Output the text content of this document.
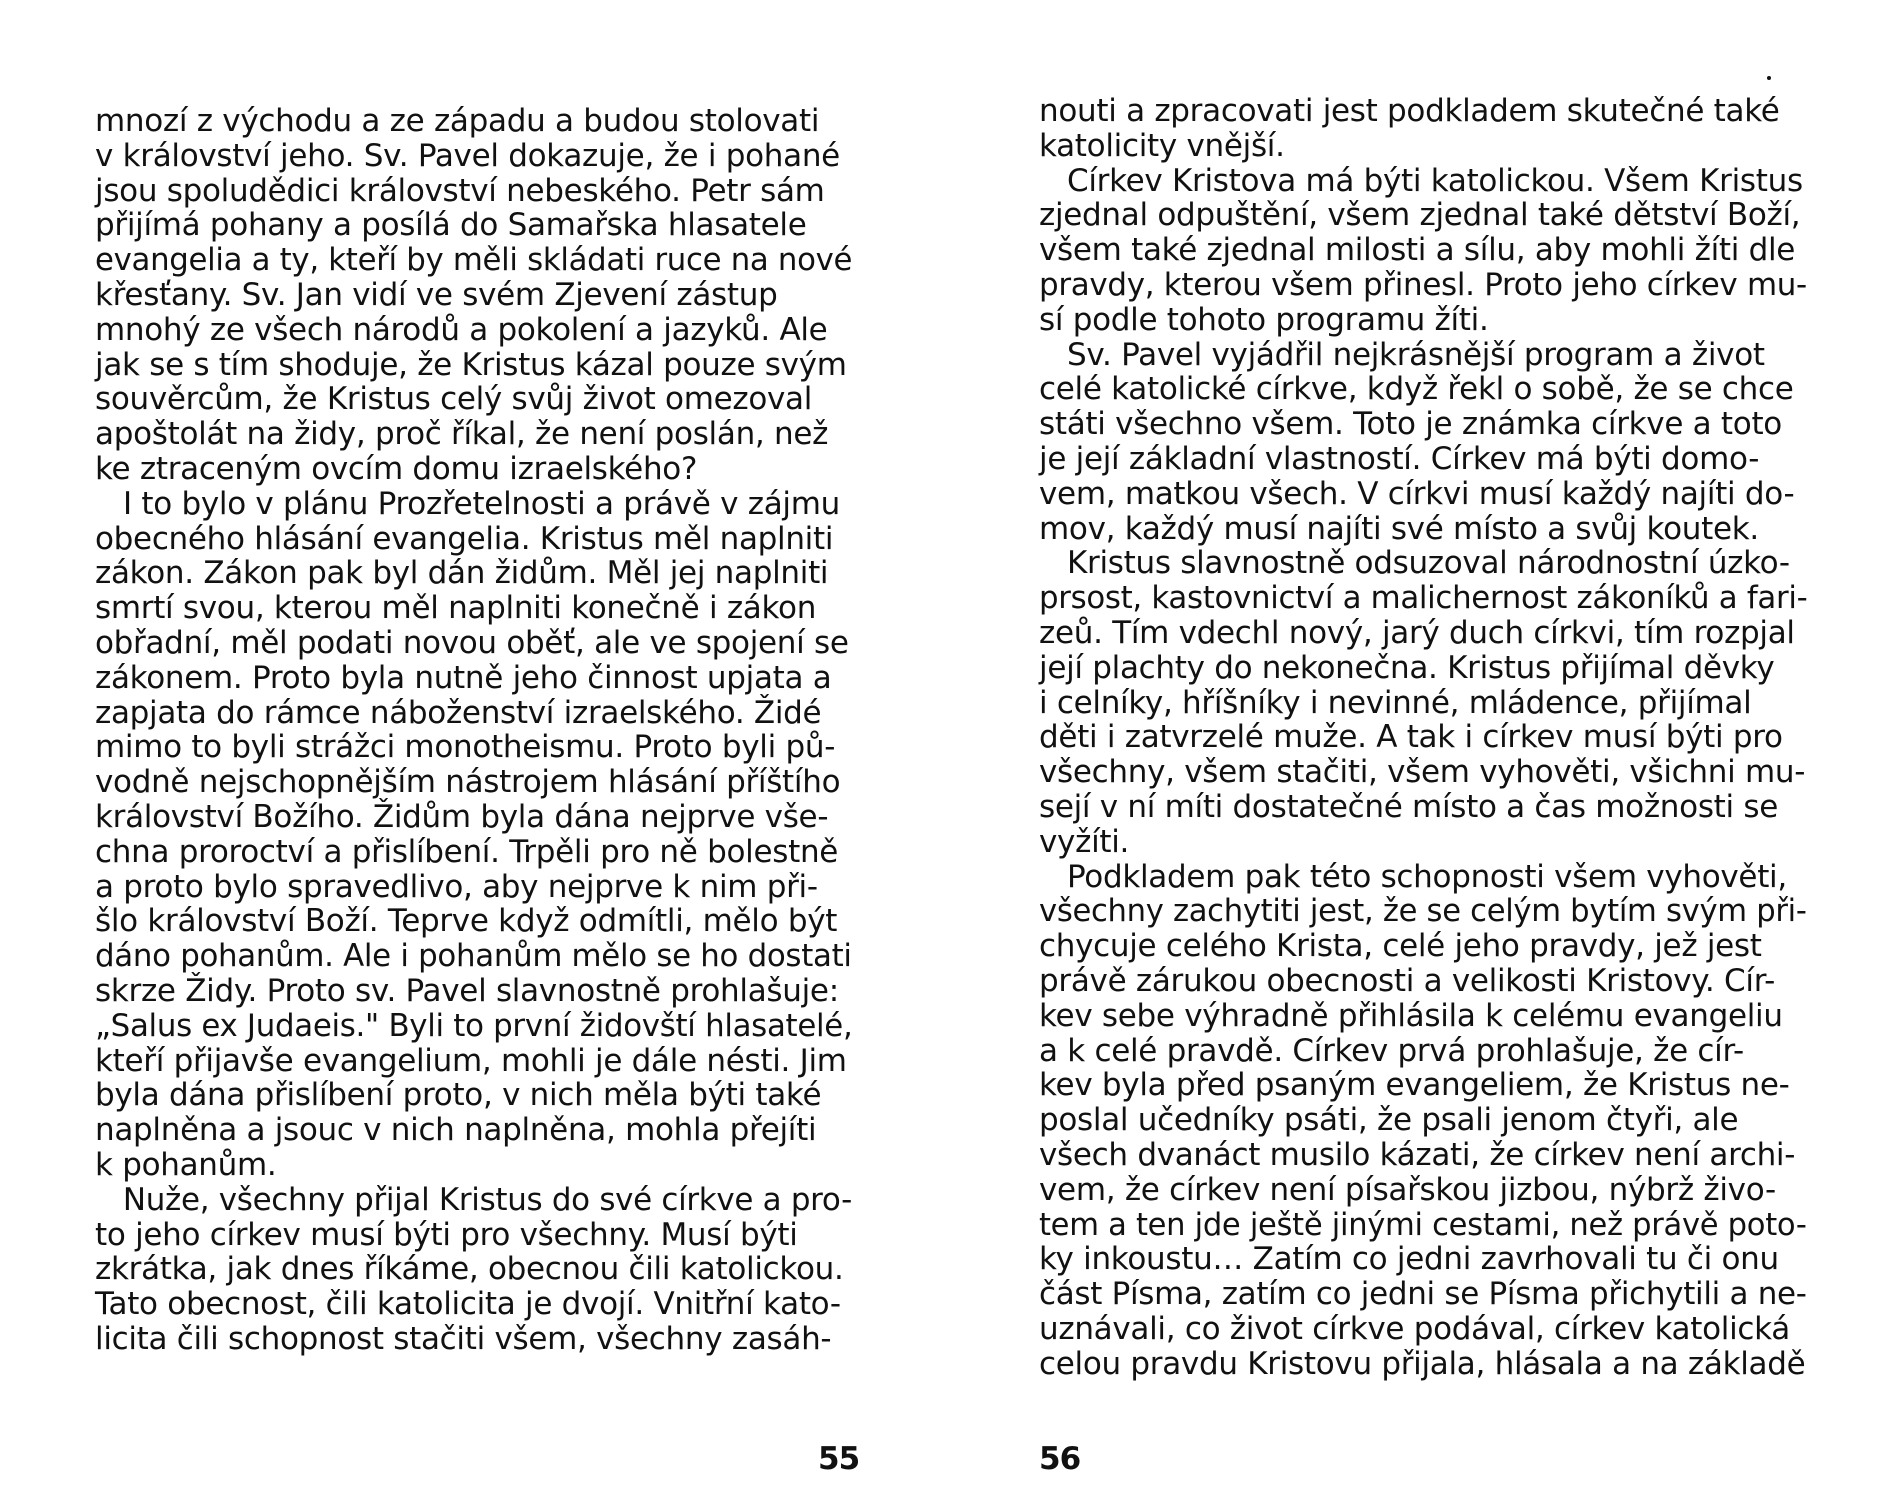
mnozí z východu a ze západu a budou stolovati
v království jeho. Sv. Pavel dokazuje, že i pohané
jsou spoludědici království nebeského. Petr sám
přijímá pohany a posílá do Samařska hlasatele
evangelia a ty, kteří by měli skládati ruce na nové
křesťany. Sv. Jan vidí ve svém Zjevení zástup
mnohý ze všech národů a pokolení a jazyků. Ale
jak se s tím shoduje, že Kristus kázal pouze svým
souvěrcům, že Kristus celý svůj život omezoval
apoštolát na židy, proč říkal, že není poslán, než
ke ztraceným ovcím domu izraelského?
I to bylo v plánu Prozřetelnosti a právě v zájmu
obecného hlásání evangelia. Kristus měl naplniti
zákon. Zákon pak byl dán židům. Měl jej naplniti
smrtí svou, kterou měl naplniti konečně i zákon
obřadní, měl podati novou oběť, ale ve spojení se
zákonem. Proto byla nutně jeho činnost upjata a
zapjata do rámce náboženství izraelského. Židé
mimo to byli strážci monotheismu. Proto byli pů-
vodně nejschopnějším nástrojem hlásání příštího
království Božího. Židům byla dána nejprve vše-
chna proroctví a přislíbení. Trpěli pro ně bolestně
a proto bylo spravedlivo, aby nejprve k nim při-
šlo království Boží. Teprve když odmítli, mělo být
dáno pohanům. Ale i pohanům mělo se ho dostati
skrze Židy. Proto sv. Pavel slavnostně prohlašuje:
„Salus ex Judaeis." Byli to první židovští hlasatelé,
kteří přijavše evangelium, mohli je dále nésti. Jim
byla dána přislíbení proto, v nich měla býti také
naplněna a jsouc v nich naplněna, mohla přejíti
k pohanům.
Nuže, všechny přijal Kristus do své církve a pro-
to jeho církev musí býti pro všechny. Musí býti
zkrátka, jak dnes říkáme, obecnou čili katolickou.
Tato obecnost, čili katolicita je dvojí. Vnitřní kato-
licita čili schopnost stačiti všem, všechny zasáh-
55
nouti a zpracovati jest podkladem skutečné také
katolicity vnější.
Církev Kristova má býti katolickou. Všem Kristus
zjednal odpuštění, všem zjednal také dětství Boží,
všem také zjednal milosti a sílu, aby mohli žíti dle
pravdy, kterou všem přinesl. Proto jeho církev mu-
sí podle tohoto programu žíti.
Sv. Pavel vyjádřil nejkrásnější program a život
celé katolické církve, když řekl o sobě, že se chce
státi všechno všem. Toto je známka církve a toto
je její základní vlastností. Církev má býti domo-
vem, matkou všech. V církvi musí každý najíti do-
mov, každý musí najíti své místo a svůj koutek.
Kristus slavnostně odsuzoval národnostní úzko-
prsost, kastovnictví a malichernost zákoníků a fari-
zeů. Tím vdechl nový, jarý duch církvi, tím rozpjal
její plachty do nekonečna. Kristus přijímal děvky
i celníky, hříšníky i nevinné, mládence, přijímal
děti i zatvrzelé muže. A tak i církev musí býti pro
všechny, všem stačiti, všem vyhověti, všichni mu-
sejí v ní míti dostatečné místo a čas možnosti se
vyžíti.
Podkladem pak této schopnosti všem vyhověti,
všechny zachytiti jest, že se celým bytím svým při-
chycuje celého Krista, celé jeho pravdy, jež jest
právě zárukou obecnosti a velikosti Kristovy. Cír-
kev sebe výhradně přihlásila k celému evangeliu
a k celé pravdě. Církev prvá prohlašuje, že cír-
kev byla před psaným evangeliem, že Kristus ne-
poslal učedníky psáti, že psali jenom čtyři, ale
všech dvanáct musilo kázati, že církev není archi-
vem, že církev není písařskou jizbou, nýbrž živo-
tem a ten jde ještě jinými cestami, než právě poto-
ky inkoustu… Zatím co jedni zavrhovali tu či onu
část Písma, zatím co jedni se Písma přichytili a ne-
uznávali, co život církve podával, církev katolická
celou pravdu Kristovu přijala, hlásala a na základě
56
